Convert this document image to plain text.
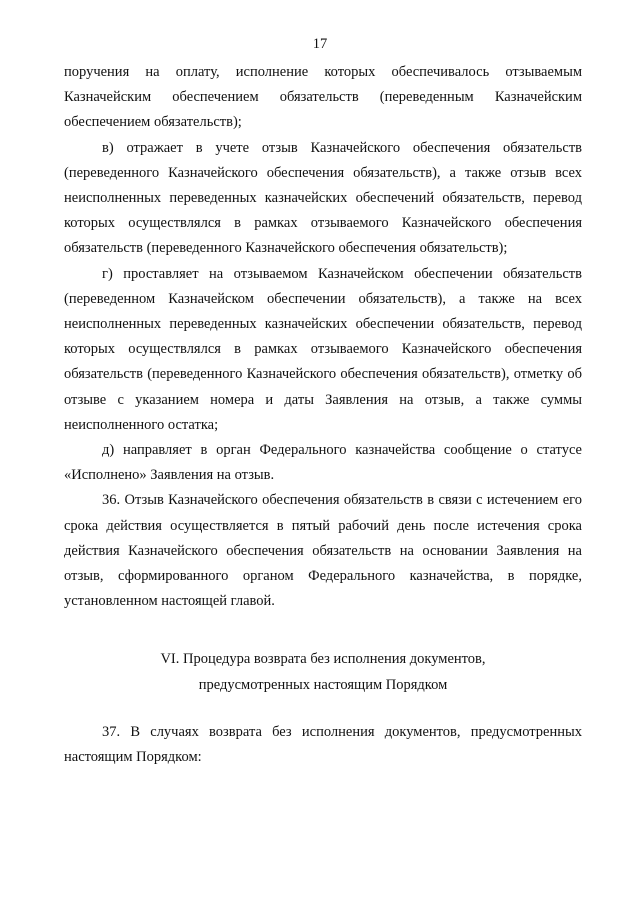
17

поручения на оплату, исполнение которых обеспечивалось отзываемым Казначейским обеспечением обязательств (переведенным Казначейским обеспечением обязательств);

в) отражает в учете отзыв Казначейского обеспечения обязательств (переведенного Казначейского обеспечения обязательств), а также отзыв всех неисполненных переведенных казначейских обеспечений обязательств, перевод которых осуществлялся в рамках отзываемого Казначейского обеспечения обязательств (переведенного Казначейского обеспечения обязательств);

г) проставляет на отзываемом Казначейском обеспечении обязательств (переведенном Казначейском обеспечении обязательств), а также на всех неисполненных переведенных казначейских обеспечении обязательств, перевод которых осуществлялся в рамках отзываемого Казначейского обеспечения обязательств (переведенного Казначейского обеспечения обязательств), отметку об отзыве с указанием номера и даты Заявления на отзыв, а также суммы неисполненного остатка;

д) направляет в орган Федерального казначейства сообщение о статусе «Исполнено» Заявления на отзыв.

36. Отзыв Казначейского обеспечения обязательств в связи с истечением его срока действия осуществляется в пятый рабочий день после истечения срока действия Казначейского обеспечения обязательств на основании Заявления на отзыв, сформированного органом Федерального казначейства, в порядке, установленном настоящей главой.

VI. Процедура возврата без исполнения документов,
предусмотренных настоящим Порядком

37. В случаях возврата без исполнения документов, предусмотренных настоящим Порядком:
